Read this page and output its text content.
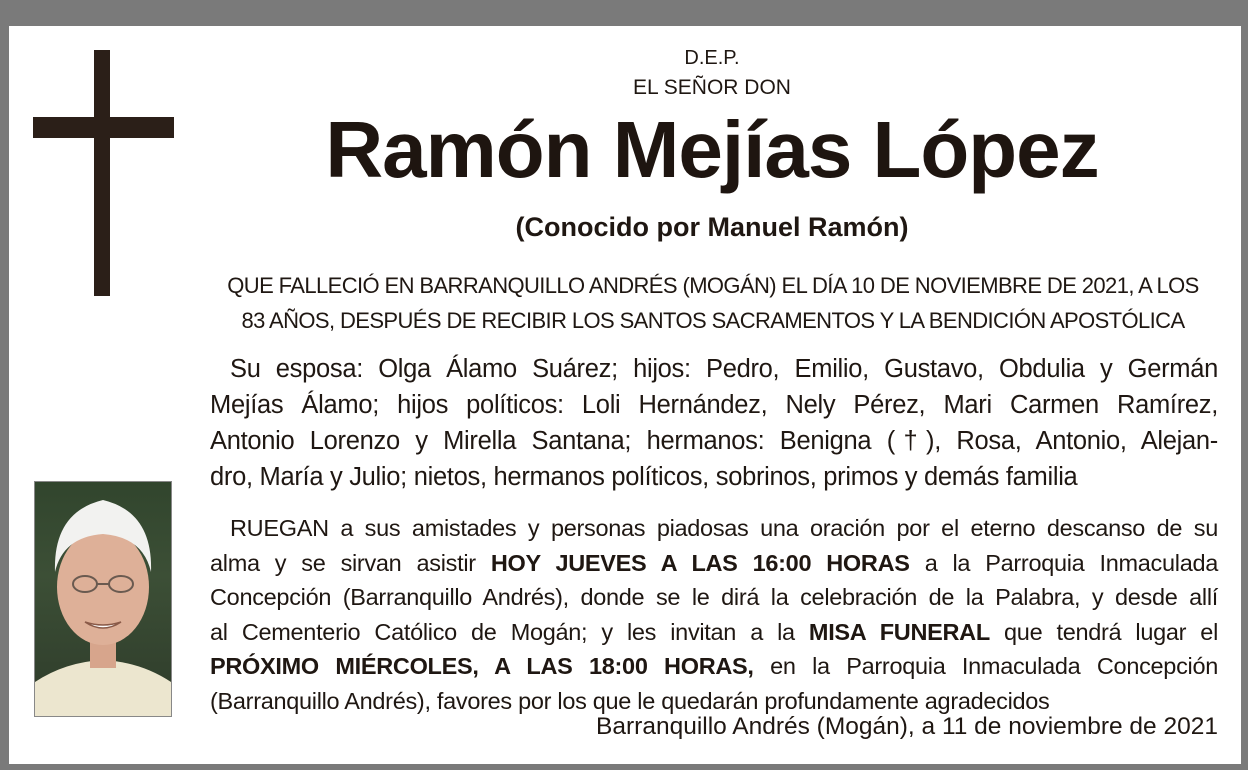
D.E.P.
EL SEÑOR DON
Ramón Mejías López
(Conocido por Manuel Ramón)
QUE FALLECIÓ EN BARRANQUILLO ANDRÉS (MOGÁN) EL DÍA 10 DE NOVIEMBRE DE 2021, A LOS
83 AÑOS, DESPUÉS DE RECIBIR LOS SANTOS SACRAMENTOS Y LA BENDICIÓN APOSTÓLICA
Su esposa: Olga Álamo Suárez; hijos: Pedro, Emilio, Gustavo, Obdulia y Germán
Mejías Álamo; hijos políticos: Loli Hernández, Nely Pérez, Mari Carmen Ramírez,
Antonio Lorenzo y Mirella Santana; hermanos: Benigna (†), Rosa, Antonio, Alejan-
dro, María y Julio; nietos, hermanos políticos, sobrinos, primos y demás familia
RUEGAN a sus amistades y personas piadosas una oración por el eterno descanso de su
alma y se sirvan asistir HOY JUEVES A LAS 16:00 HORAS a la Parroquia Inmaculada
Concepción (Barranquillo Andrés), donde se le dirá la celebración de la Palabra, y desde allí
al Cementerio Católico de Mogán; y les invitan a la MISA FUNERAL que tendrá lugar el
PRÓXIMO MIÉRCOLES, A LAS 18:00 HORAS, en la Parroquia Inmaculada Concepción
(Barranquillo Andrés), favores por los que le quedarán profundamente agradecidos
Barranquillo Andrés (Mogán), a 11 de noviembre de 2021
